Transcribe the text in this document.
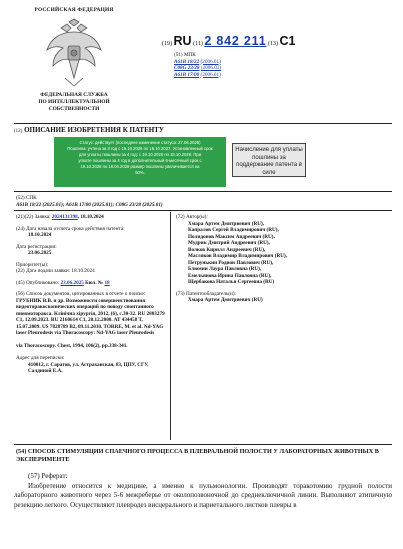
РОССИЙСКАЯ ФЕДЕРАЦИЯ
ФЕДЕРАЛЬНАЯ СЛУЖБА
ПО ИНТЕЛЛЕКТУАЛЬНОЙ СОБСТВЕННОСТИ
(19) RU (11) 2 842 211 (13) C1
(51) МПК
A61B 18/22 (2006.01)
C08G 23/28 (2006.01)
A61B 17/00 (2006.01)
(12) ОПИСАНИЕ ИЗОБРЕТЕНИЯ К ПАТЕНТУ
Статус: действует (последнее изменение статуса: 27.06.2025)
Пошлина: учтена за 3 год с 19.10.2026 по 18.10.2027. Установленный срок
для уплаты пошлины за 4 год: с 19.10.2026 по 18.10.2028. При
уплате пошлины за 4 год в дополнительный 6-месячный срок с
19.10.2028 по 18.04.2029 размер пошлины увеличивается на
50%.
Начисление для уплаты пошлины за поддержание патента в силе
(52) СПК
A61B 18/22 (2025.01); A61B 17/00 (2025.01); C08G 23/28 (2025.01)
(21)(22) Заявка: 2024131398, 18.10.2024
(24) Дата начала отсчета срока действия патента:
18.10.2024
Дата регистрации:
23.06.2025
Приоритет(ы):
(22) Дата подачи заявки: 18.10.2024
(45) Опубликовано: 23.06.2025 Бюл. № 18
(56) Список документов, цитированных в отчете о поиске: ГРУБНИК В.В. и др. Возможности совершенствования видеоторакоскопических операций по поводу спонтанного пневмоторакса. Клінічна хірургія, 2012, (6), с.30-32. RU 2803279 C1, 12.09.2023. RU 2160614 C1, 20.12.2000. AT 434458 T, 15.07.2009. US 7828789 B2, 09.11.2010. TORRE, M. et al. Nd-YAG laser Pleurodesis via Thoracoscopy: Nd-YAG laser Pleurodesis
via Thoracoscopy. Chest, 1994, 106(2), pp.338-341.
Адрес для переписки:
410012, г. Саратов, ул. Астраханская, 83, ЦПУ, СГУ, Салдиной Е.А.
(72) Автор(ы):
Хмара Артем Дмитриевич (RU),
Капралов Сергей Владимирович (RU),
Полидонов Максим Андреевич (RU),
Мудрик Дмитрий Андреевич (RU),
Волков Кирилл Андреевич (RU),
Масляков Владимир Владимирович (RU),
Петрунькин Родион Павлович (RU),
Блюмин Лаура Павловна (RU),
Емельянова Ирина Павловна (RU),
Щербакова Наталья Сергеевна (RU)
(73) Патентообладатель(и):
Хмара Артем Дмитриевич (RU)
(54) СПОСОБ СТИМУЛЯЦИИ СПАЕЧНОГО ПРОЦЕССА В ПЛЕВРАЛЬНОЙ ПОЛОСТИ У ЛАБОРАТОРНЫХ ЖИВОТНЫХ В ЭКСПЕРИМЕНТЕ
(57) Реферат:
Изобретение относится к медицине, а именно к пульмонологии. Производят торакотомию грудной полости лабораторного животного через 5-6 межреберье от околопозвоночной до среднеключичной линии. Выполняют атипичную резекцию легкого. Осуществляют плевродез висцерального и париетального листков плевры в
